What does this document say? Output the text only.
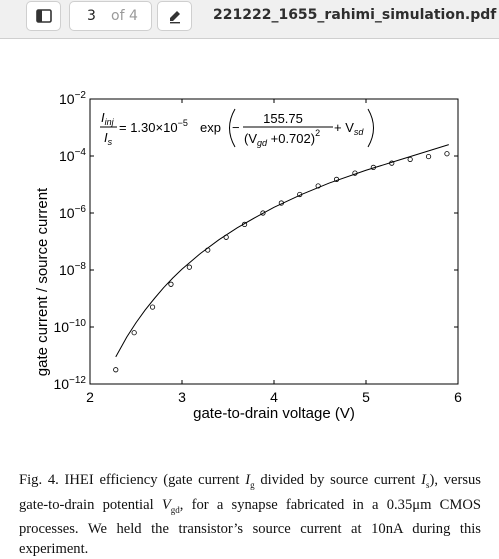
3 of 4	221222_1655_rahimi_simulation.pdf
2	3	4	5	6
$10^{-2}$
$10^{-4}$
$10^{-6}$
$10^{-8}$
$10^{-10}$
$10^{-12}$
gate-to-drain voltage (V)
gate current / source current
$I_{inj}$
$I_s$
= $1.30\times 10^{-5}$ exp −
155.75
$(V_{gd} +0.702)^2 + V_{sd}$
Fig. 4. IHEI efficiency (gate current $I_g$ divided by source current $I_s$), versus gate-to-drain potential $V_{gd}$, for a synapse fabricated in a 0.35μm CMOS processes. We held the transistor’s source current at 10nA during this experiment.
